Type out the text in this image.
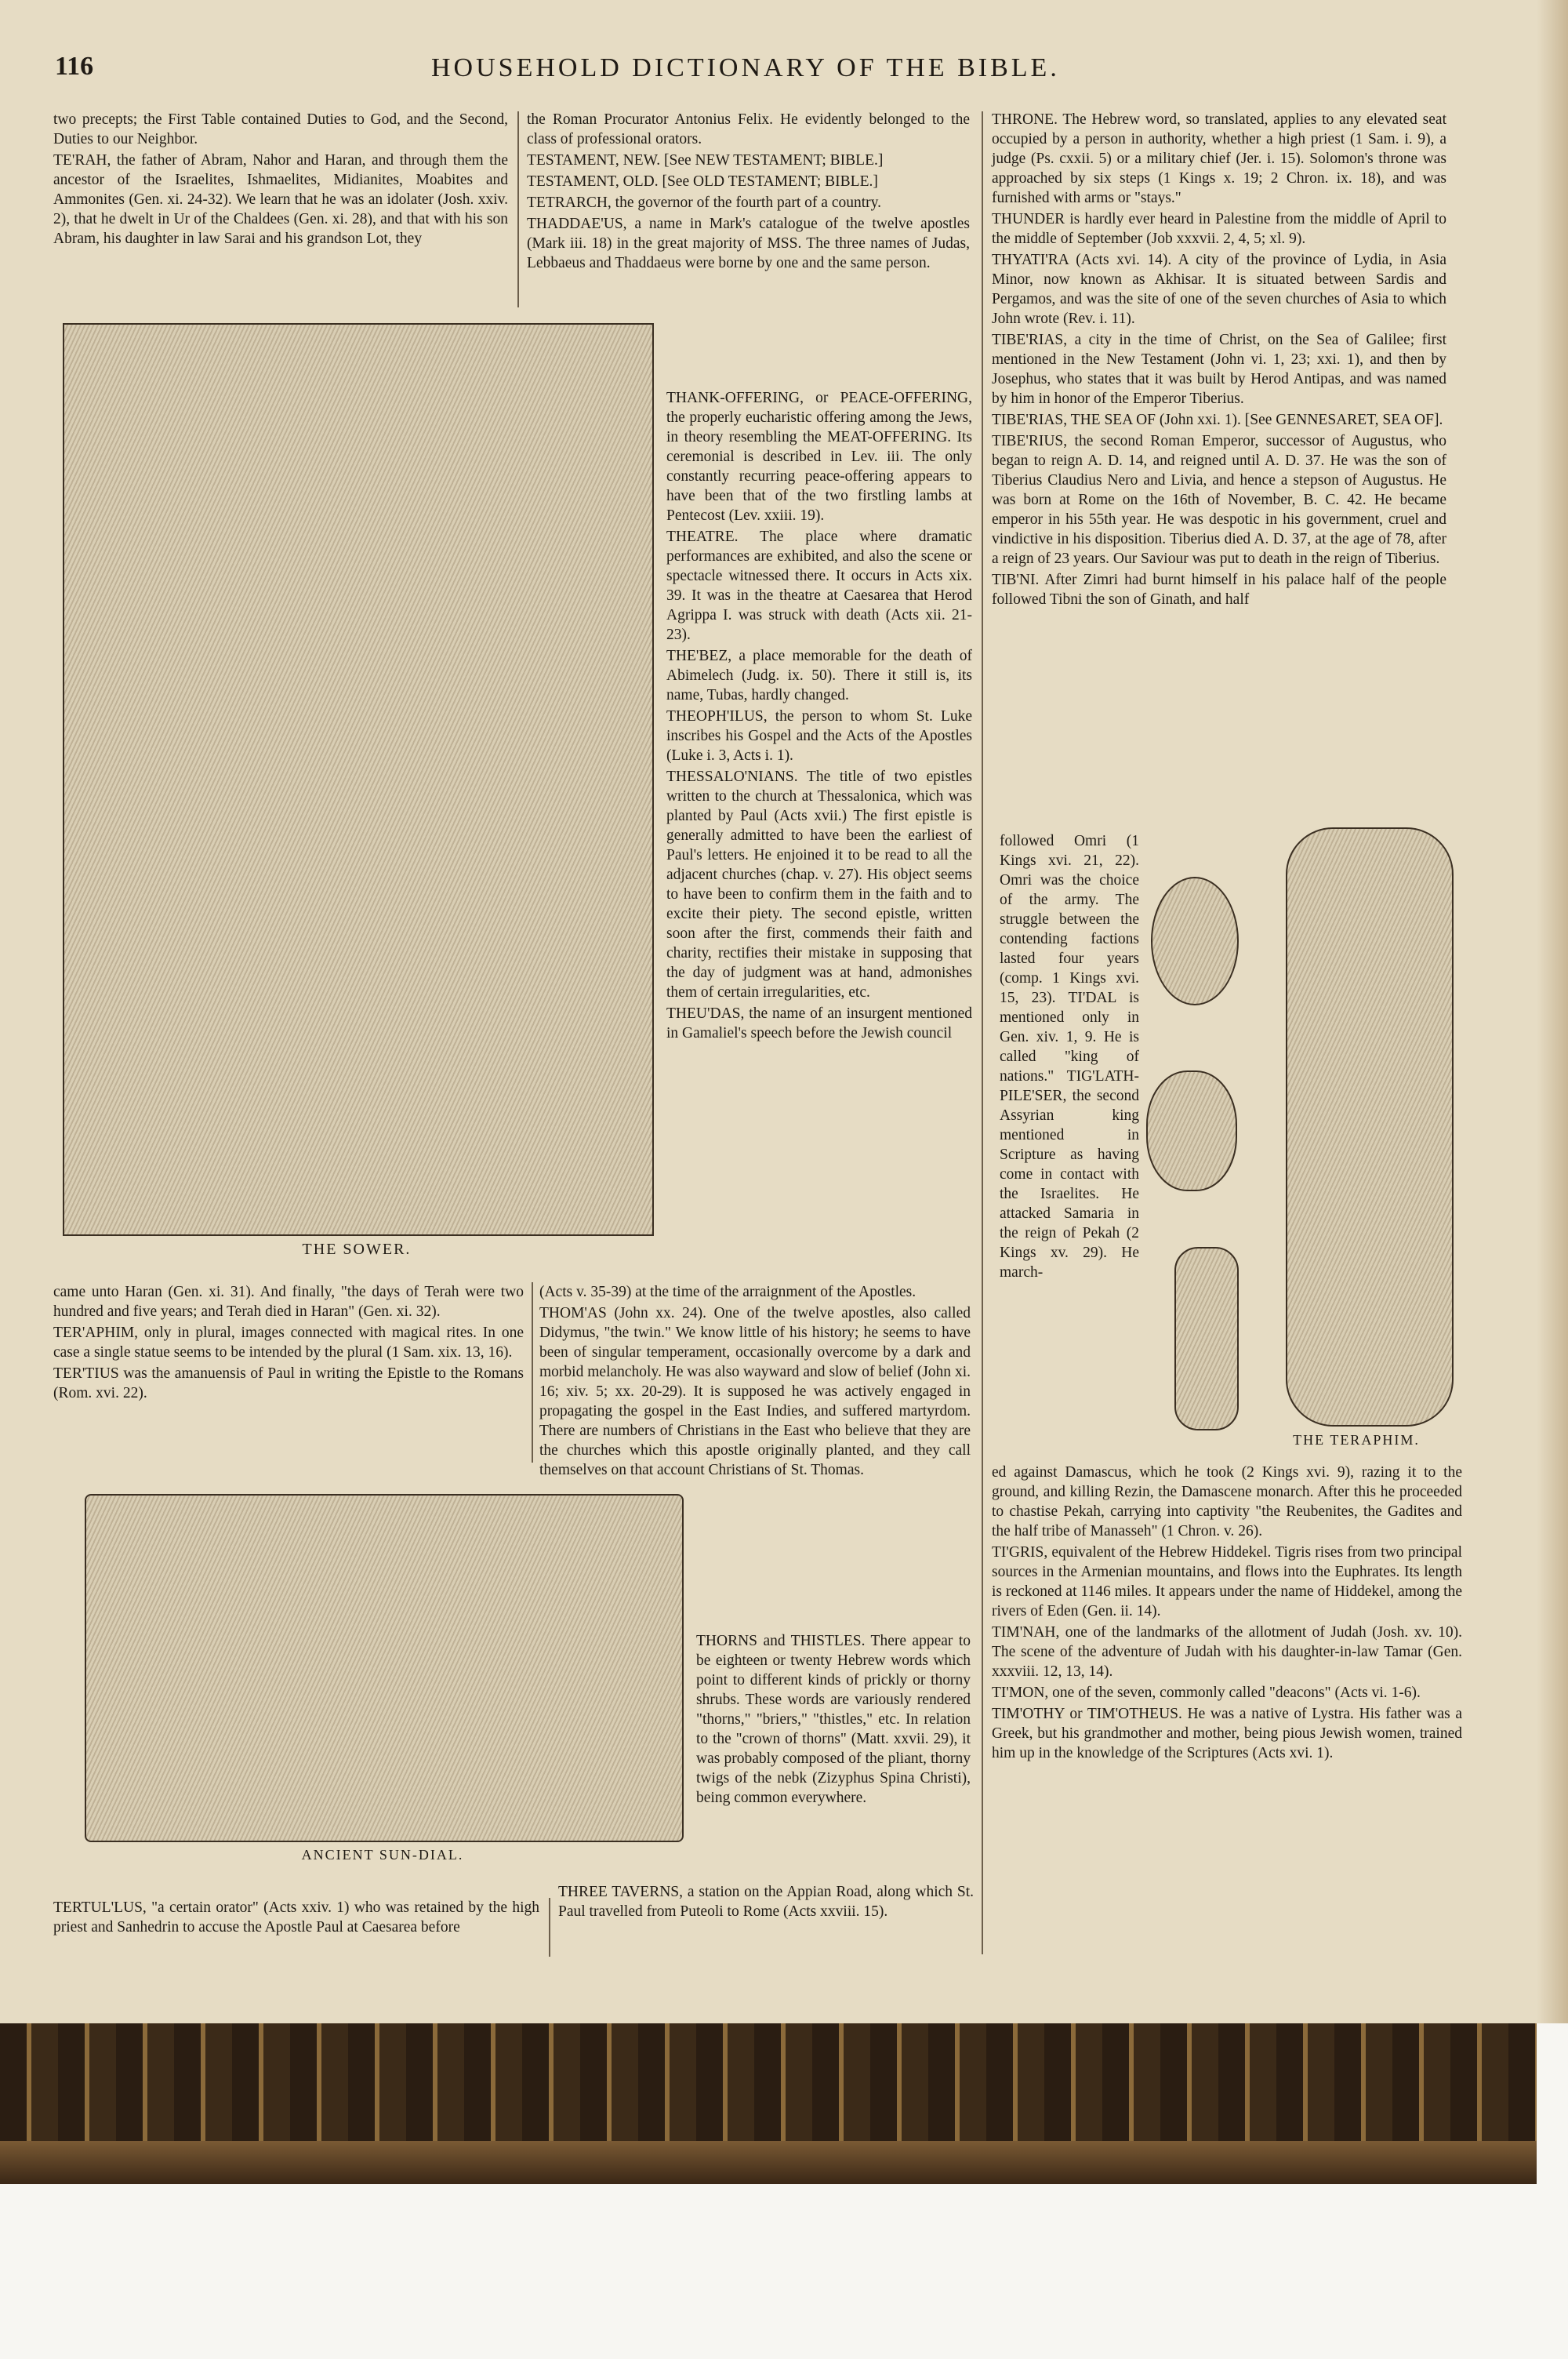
116	HOUSEHOLD DICTIONARY OF THE BIBLE.

two precepts; the First Table contained Duties to God, and the Second, Duties to our Neighbor.

TE'RAH, the father of Abram, Nahor and Haran, and through them the ancestor of the Israelites, Ishmaelites, Midianites, Moabites and Ammonites (Gen. xi. 24-32). We learn that he was an idolater (Josh. xxiv. 2), that he dwelt in Ur of the Chaldees (Gen. xi. 28), and that with his son Abram, his daughter in law Sarai and his grandson Lot, they

the Roman Procurator Antonius Felix. He evidently belonged to the class of professional orators.

TESTAMENT, NEW. [See NEW TESTAMENT; BIBLE.]

TESTAMENT, OLD. [See OLD TESTAMENT; BIBLE.]

TETRARCH, the governor of the fourth part of a country.

THADDAE'US, a name in Mark's catalogue of the twelve apostles (Mark iii. 18) in the great majority of MSS. The three names of Judas, Lebbaeus and Thaddaeus were borne by one and the same person.

THE SOWER.

THANK-OFFERING, or PEACE-OFFERING, the properly eucharistic offering among the Jews, in theory resembling the MEAT-OFFERING. Its ceremonial is described in Lev. iii. The only constantly recurring peace-offering appears to have been that of the two firstling lambs at Pentecost (Lev. xxiii. 19).

THEATRE. The place where dramatic performances are exhibited, and also the scene or spectacle witnessed there. It occurs in Acts xix. 39. It was in the theatre at Caesarea that Herod Agrippa I. was struck with death (Acts xii. 21-23).

THE'BEZ, a place memorable for the death of Abimelech (Judg. ix. 50). There it still is, its name, Tubas, hardly changed.

THEOPH'ILUS, the person to whom St. Luke inscribes his Gospel and the Acts of the Apostles (Luke i. 3, Acts i. 1).

THESSALO'NIANS. The title of two epistles written to the church at Thessalonica, which was planted by Paul (Acts xvii.) The first epistle is generally admitted to have been the earliest of Paul's letters. He enjoined it to be read to all the adjacent churches (chap. v. 27). His object seems to have been to confirm them in the faith and to excite their piety. The second epistle, written soon after the first, commends their faith and charity, rectifies their mistake in supposing that the day of judgment was at hand, admonishes them of certain irregularities, etc.

THEU'DAS, the name of an insurgent mentioned in Gamaliel's speech before the Jewish council

came unto Haran (Gen. xi. 31). And finally, "the days of Terah were two hundred and five years; and Terah died in Haran" (Gen. xi. 32).

TER'APHIM, only in plural, images connected with magical rites. In one case a single statue seems to be intended by the plural (1 Sam. xix. 13, 16).

TER'TIUS was the amanuensis of Paul in writing the Epistle to the Romans (Rom. xvi. 22).

(Acts v. 35-39) at the time of the arraignment of the Apostles.

THOM'AS (John xx. 24). One of the twelve apostles, also called Didymus, "the twin." We know little of his history; he seems to have been of singular temperament, occasionally overcome by a dark and morbid melancholy. He was also wayward and slow of belief (John xi. 16; xiv. 5; xx. 20-29). It is supposed he was actively engaged in propagating the gospel in the East Indies, and suffered martyrdom. There are numbers of Christians in the East who believe that they are the churches which this apostle originally planted, and they call themselves on that account Christians of St. Thomas.

ANCIENT SUN-DIAL.

THORNS and THISTLES. There appear to be eighteen or twenty Hebrew words which point to different kinds of prickly or thorny shrubs. These words are variously rendered "thorns," "briers," "thistles," etc. In relation to the "crown of thorns" (Matt. xxvii. 29), it was probably composed of the pliant, thorny twigs of the nebk (Zizyphus Spina Christi), being common everywhere.

TERTUL'LUS, "a certain orator" (Acts xxiv. 1) who was retained by the high priest and Sanhedrin to accuse the Apostle Paul at Caesarea before

THREE TAVERNS, a station on the Appian Road, along which St. Paul travelled from Puteoli to Rome (Acts xxviii. 15).

THRONE. The Hebrew word, so translated, applies to any elevated seat occupied by a person in authority, whether a high priest (1 Sam. i. 9), a judge (Ps. cxxii. 5) or a military chief (Jer. i. 15). Solomon's throne was approached by six steps (1 Kings x. 19; 2 Chron. ix. 18), and was furnished with arms or "stays."

THUNDER is hardly ever heard in Palestine from the middle of April to the middle of September (Job xxxvii. 2, 4, 5; xl. 9).

THYATI'RA (Acts xvi. 14). A city of the province of Lydia, in Asia Minor, now known as Akhisar. It is situated between Sardis and Pergamos, and was the site of one of the seven churches of Asia to which John wrote (Rev. i. 11).

TIBE'RIAS, a city in the time of Christ, on the Sea of Galilee; first mentioned in the New Testament (John vi. 1, 23; xxi. 1), and then by Josephus, who states that it was built by Herod Antipas, and was named by him in honor of the Emperor Tiberius.

TIBE'RIAS, THE SEA OF (John xxi. 1). [See GENNESARET, SEA OF].

TIBE'RIUS, the second Roman Emperor, successor of Augustus, who began to reign A. D. 14, and reigned until A. D. 37. He was the son of Tiberius Claudius Nero and Livia, and hence a stepson of Augustus. He was born at Rome on the 16th of November, B. C. 42. He became emperor in his 55th year. He was despotic in his government, cruel and vindictive in his disposition. Tiberius died A. D. 37, at the age of 78, after a reign of 23 years. Our Saviour was put to death in the reign of Tiberius.

TIB'NI. After Zimri had burnt himself in his palace half of the people followed Tibni the son of Ginath, and half

followed Omri (1 Kings xvi. 21, 22). Omri was the choice of the army. The struggle between the contending factions lasted four years (comp. 1 Kings xvi. 15, 23). TI'DAL is mentioned only in Gen. xiv. 1, 9. He is called "king of nations." TIG'LATH-PILE'SER, the second Assyrian king mentioned in Scripture as having come in contact with the Israelites. He attacked Samaria in the reign of Pekah (2 Kings xv. 29). He march-

THE TERAPHIM.

ed against Damascus, which he took (2 Kings xvi. 9), razing it to the ground, and killing Rezin, the Damascene monarch. After this he proceeded to chastise Pekah, carrying into captivity "the Reubenites, the Gadites and the half tribe of Manasseh" (1 Chron. v. 26).

TI'GRIS, equivalent of the Hebrew Hiddekel. Tigris rises from two principal sources in the Armenian mountains, and flows into the Euphrates. Its length is reckoned at 1146 miles. It appears under the name of Hiddekel, among the rivers of Eden (Gen. ii. 14).

TIM'NAH, one of the landmarks of the allotment of Judah (Josh. xv. 10). The scene of the adventure of Judah with his daughter-in-law Tamar (Gen. xxxviii. 12, 13, 14).

TI'MON, one of the seven, commonly called "deacons" (Acts vi. 1-6).

TIM'OTHY or TIM'OTHEUS. He was a native of Lystra. His father was a Greek, but his grandmother and mother, being pious Jewish women, trained him up in the knowledge of the Scriptures (Acts xvi. 1).
